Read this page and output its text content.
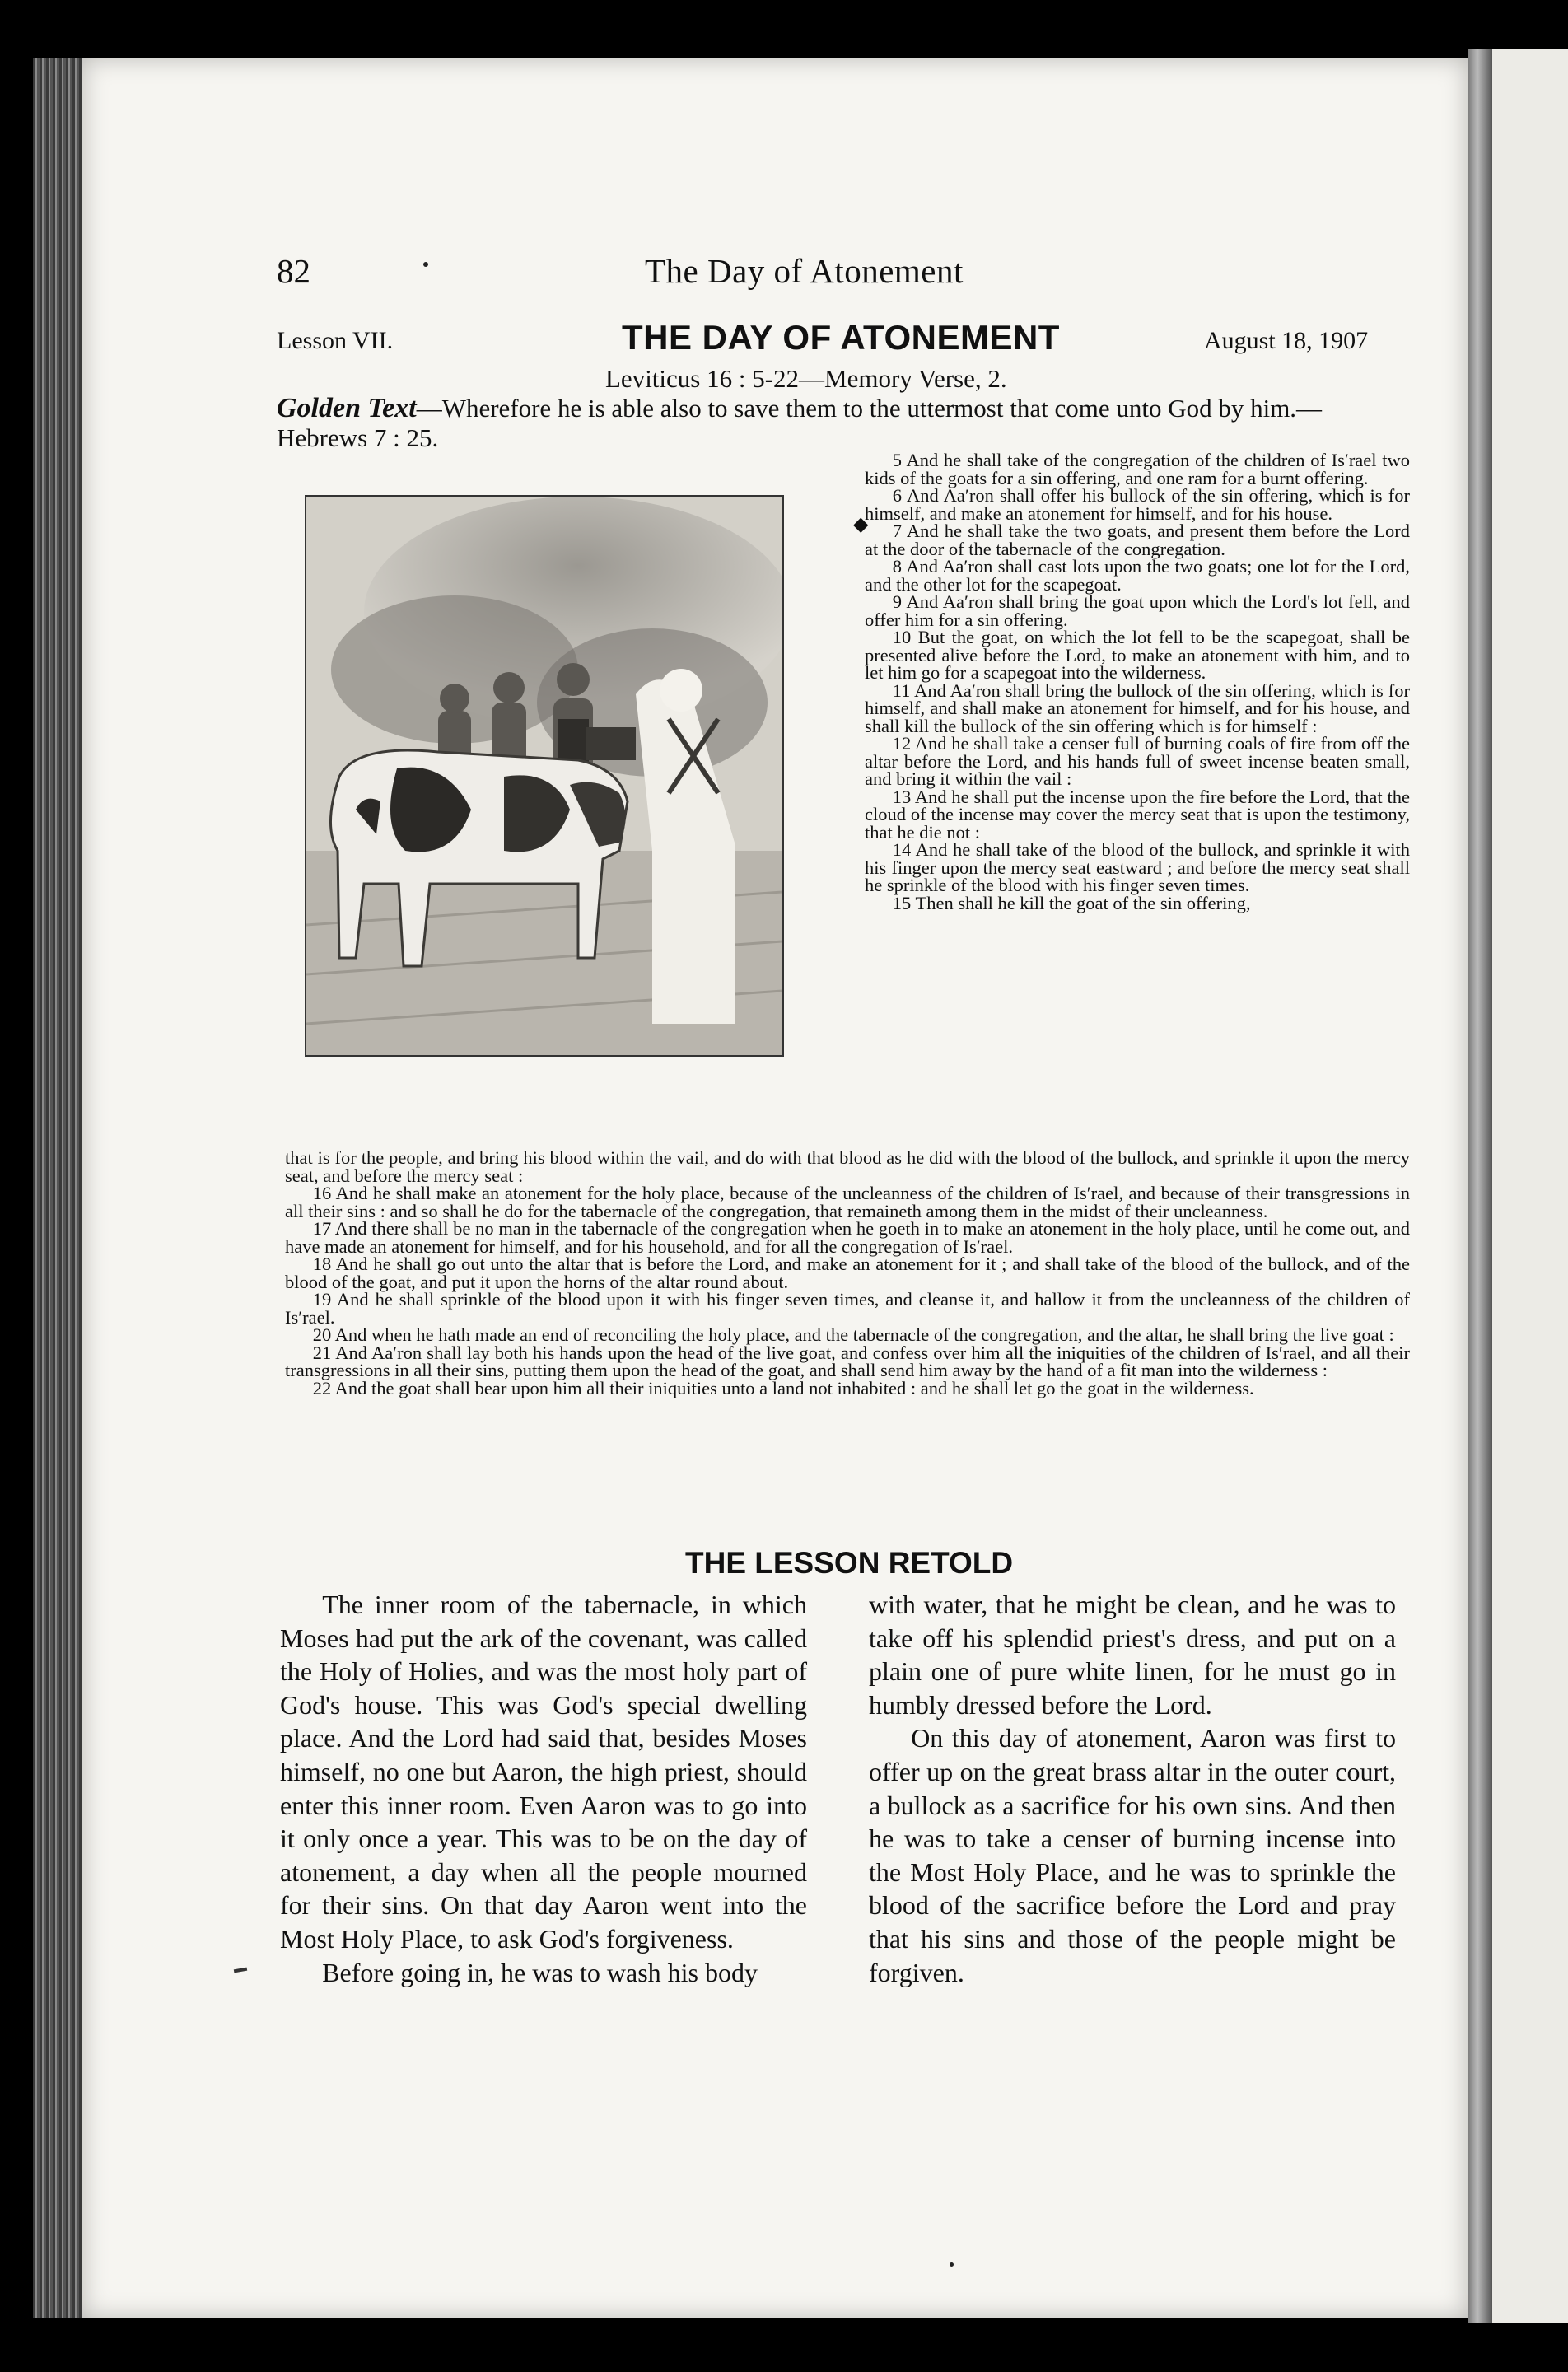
82	The Day of Atonement
Lesson VII.	THE DAY OF ATONEMENT	August 18, 1907
Leviticus 16 : 5-22—Memory Verse, 2.
Golden Text—Wherefore he is able also to save them to the uttermost that come unto God by him.—Hebrews 7 : 25.
◆

5 And he shall take of the congregation of the children of Is′rael two kids of the goats for a sin offering, and one ram for a burnt offering.

6 And Aa′ron shall offer his bullock of the sin offering, which is for himself, and make an atonement for himself, and for his house.

7 And he shall take the two goats, and present them before the Lord at the door of the tabernacle of the congregation.

8 And Aa′ron shall cast lots upon the two goats; one lot for the Lord, and the other lot for the scapegoat.

9 And Aa′ron shall bring the goat upon which the Lord's lot fell, and offer him for a sin offering.

10 But the goat, on which the lot fell to be the scapegoat, shall be presented alive before the Lord, to make an atonement with him, and to let him go for a scapegoat into the wilderness.

11 And Aa′ron shall bring the bullock of the sin offering, which is for himself, and shall make an atonement for himself, and for his house, and shall kill the bullock of the sin offering which is for himself :

12 And he shall take a censer full of burning coals of fire from off the altar before the Lord, and his hands full of sweet incense beaten small, and bring it within the vail :

13 And he shall put the incense upon the fire before the Lord, that the cloud of the incense may cover the mercy seat that is upon the testimony, that he die not :

14 And he shall take of the blood of the bullock, and sprinkle it with his finger upon the mercy seat eastward ; and before the mercy seat shall he sprinkle of the blood with his finger seven times.

15 Then shall he kill the goat of the sin offering,

that is for the people, and bring his blood within the vail, and do with that blood as he did with the blood of the bullock, and sprinkle it upon the mercy seat, and before the mercy seat :

16 And he shall make an atonement for the holy place, because of the uncleanness of the children of Is′rael, and because of their transgressions in all their sins : and so shall he do for the tabernacle of the congregation, that remaineth among them in the midst of their uncleanness.

17 And there shall be no man in the tabernacle of the congregation when he goeth in to make an atonement in the holy place, until he come out, and have made an atonement for himself, and for his household, and for all the congregation of Is′rael.

18 And he shall go out unto the altar that is before the Lord, and make an atonement for it ; and shall take of the blood of the bullock, and of the blood of the goat, and put it upon the horns of the altar round about.

19 And he shall sprinkle of the blood upon it with his finger seven times, and cleanse it, and hallow it from the uncleanness of the children of Is′rael.

20 And when he hath made an end of reconciling the holy place, and the tabernacle of the congregation, and the altar, he shall bring the live goat :

21 And Aa′ron shall lay both his hands upon the head of the live goat, and confess over him all the iniquities of the children of Is′rael, and all their transgressions in all their sins, putting them upon the head of the goat, and shall send him away by the hand of a fit man into the wilderness :

22 And the goat shall bear upon him all their iniquities unto a land not inhabited : and he shall let go the goat in the wilderness.

THE LESSON RETOLD

The inner room of the tabernacle, in which Moses had put the ark of the covenant, was called the Holy of Holies, and was the most holy part of God's house. This was God's special dwelling place. And the Lord had said that, besides Moses himself, no one but Aaron, the high priest, should enter this inner room. Even Aaron was to go into it only once a year. This was to be on the day of atonement, a day when all the people mourned for their sins. On that day Aaron went into the Most Holy Place, to ask God's forgiveness.

Before going in, he was to wash his body

with water, that he might be clean, and he was to take off his splendid priest's dress, and put on a plain one of pure white linen, for he must go in humbly dressed before the Lord.

On this day of atonement, Aaron was first to offer up on the great brass altar in the outer court, a bullock as a sacrifice for his own sins. And then he was to take a censer of burning incense into the Most Holy Place, and he was to sprinkle the blood of the sacrifice before the Lord and pray that his sins and those of the people might be forgiven.
